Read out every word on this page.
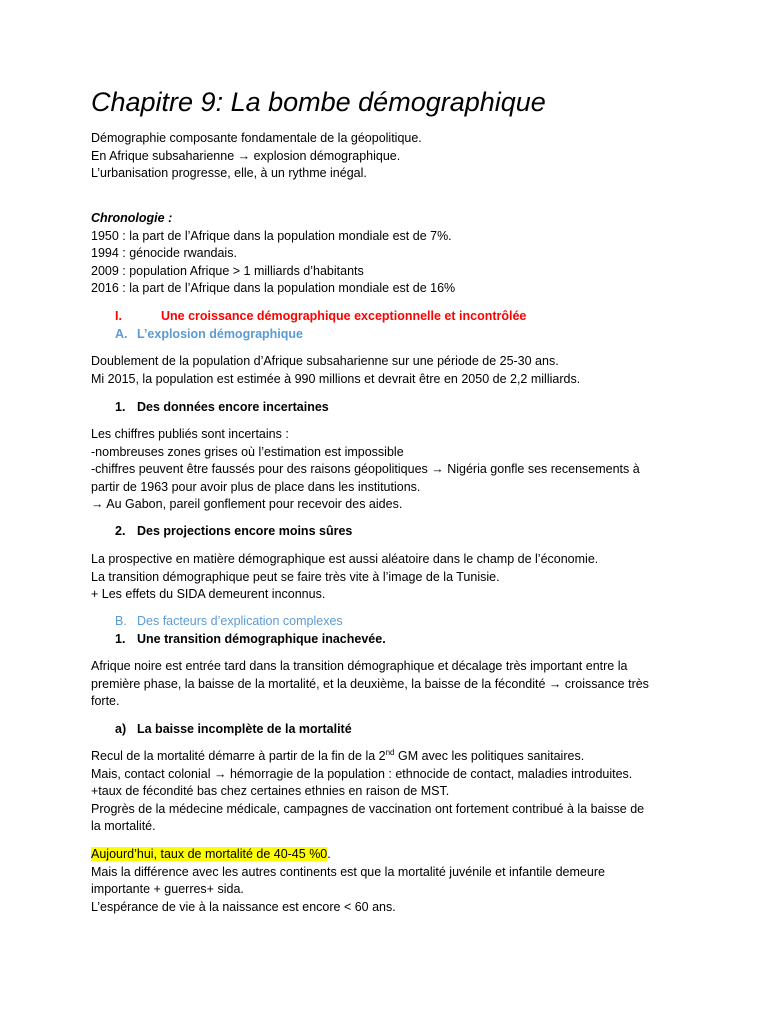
Chapitre 9: La bombe démographique
Démographie composante fondamentale de la géopolitique.
En Afrique subsaharienne → explosion démographique.
L’urbanisation progresse, elle, à un rythme inégal.
Chronologie :
1950 : la part de l’Afrique dans la population mondiale est de 7%.
1994 : génocide rwandais.
2009 : population Afrique > 1 milliards d’habitants
2016 : la part de l’Afrique dans la population mondiale est de 16%
I.	Une croissance démographique exceptionnelle et incontrôlée
A. L’explosion démographique
Doublement de la population d’Afrique subsaharienne sur une période de 25-30 ans.
Mi 2015, la population est estimée à 990 millions et devrait être en 2050 de 2,2 milliards.
1. Des données encore incertaines
Les chiffres publiés sont incertains :
-nombreuses zones grises où l’estimation est impossible
-chiffres peuvent être faussés pour des raisons géopolitiques → Nigéria gonfle ses recensements à
partir de 1963 pour avoir plus de place dans les institutions.
→ Au Gabon, pareil gonflement pour recevoir des aides.
2. Des projections encore moins sûres
La prospective en matière démographique est aussi aléatoire dans le champ de l’économie.
La transition démographique peut se faire très vite à l’image de la Tunisie.
+ Les effets du SIDA demeurent inconnus.
B. Des facteurs d’explication complexes
1. Une transition démographique inachevée.
Afrique noire est entrée tard dans la transition démographique et décalage très important entre la
première phase, la baisse de la mortalité, et la deuxième, la baisse de la fécondité → croissance très
forte.
a) La baisse incomplète de la mortalité
Recul de la mortalité démarre à partir de la fin de la 2nd GM avec les politiques sanitaires.
Mais, contact colonial → hémorragie de la population : ethnocide de contact, maladies introduites.
+taux de fécondité bas chez certaines ethnies en raison de MST.
Progrès de la médecine médicale, campagnes de vaccination ont fortement contribué à la baisse de
la mortalité.
Aujourd’hui, taux de mortalité de 40-45 %0.
Mais la différence avec les autres continents est que la mortalité juvénile et infantile demeure
importante + guerres+ sida.
L’espérance de vie à la naissance est encore < 60 ans.
